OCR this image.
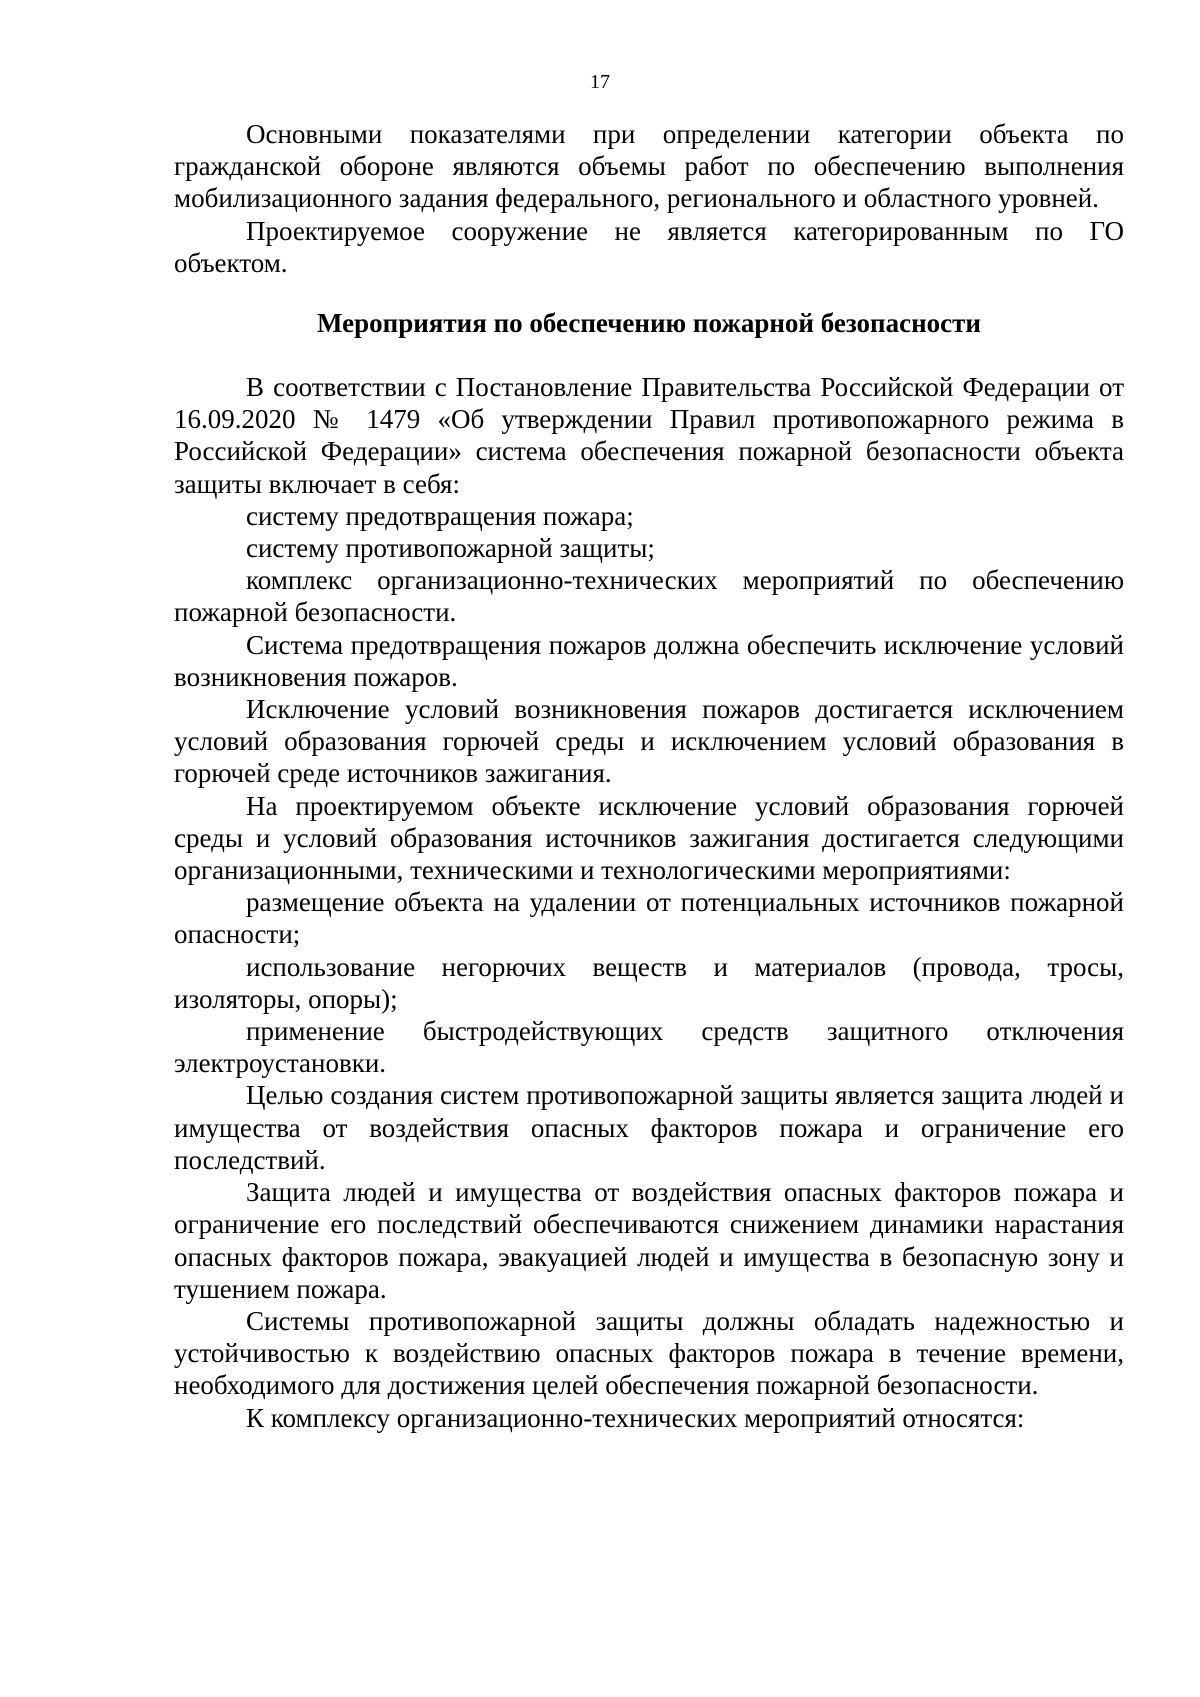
17

Основными показателями при определении категории объекта по гражданской обороне являются объемы работ по обеспечению выполнения мобилизационного задания федерального, регионального и областного уровней.

Проектируемое сооружение не является категорированным по ГО объектом.

Мероприятия по обеспечению пожарной безопасности

В соответствии с Постановление Правительства Российской Федерации от 16.09.2020 № 1479 «Об утверждении Правил противопожарного режима в Российской Федерации» система обеспечения пожарной безопасности объекта защиты включает в себя:

систему предотвращения пожара;

систему противопожарной защиты;

комплекс организационно-технических мероприятий по обеспечению пожарной безопасности.

Система предотвращения пожаров должна обеспечить исключение условий возникновения пожаров.

Исключение условий возникновения пожаров достигается исключением условий образования горючей среды и исключением условий образования в горючей среде источников зажигания.

На проектируемом объекте исключение условий образования горючей среды и условий образования источников зажигания достигается следующими организационными, техническими и технологическими мероприятиями:

размещение объекта на удалении от потенциальных источников пожарной опасности;

использование негорючих веществ и материалов (провода, тросы, изоляторы, опоры);

применение быстродействующих средств защитного отключения электроустановки.

Целью создания систем противопожарной защиты является защита людей и имущества от воздействия опасных факторов пожара и ограничение его последствий.

Защита людей и имущества от воздействия опасных факторов пожара и ограничение его последствий обеспечиваются снижением динамики нарастания опасных факторов пожара, эвакуацией людей и имущества в безопасную зону и тушением пожара.

Системы противопожарной защиты должны обладать надежностью и устойчивостью к воздействию опасных факторов пожара в течение времени, необходимого для достижения целей обеспечения пожарной безопасности.

К комплексу организационно-технических мероприятий относятся:
